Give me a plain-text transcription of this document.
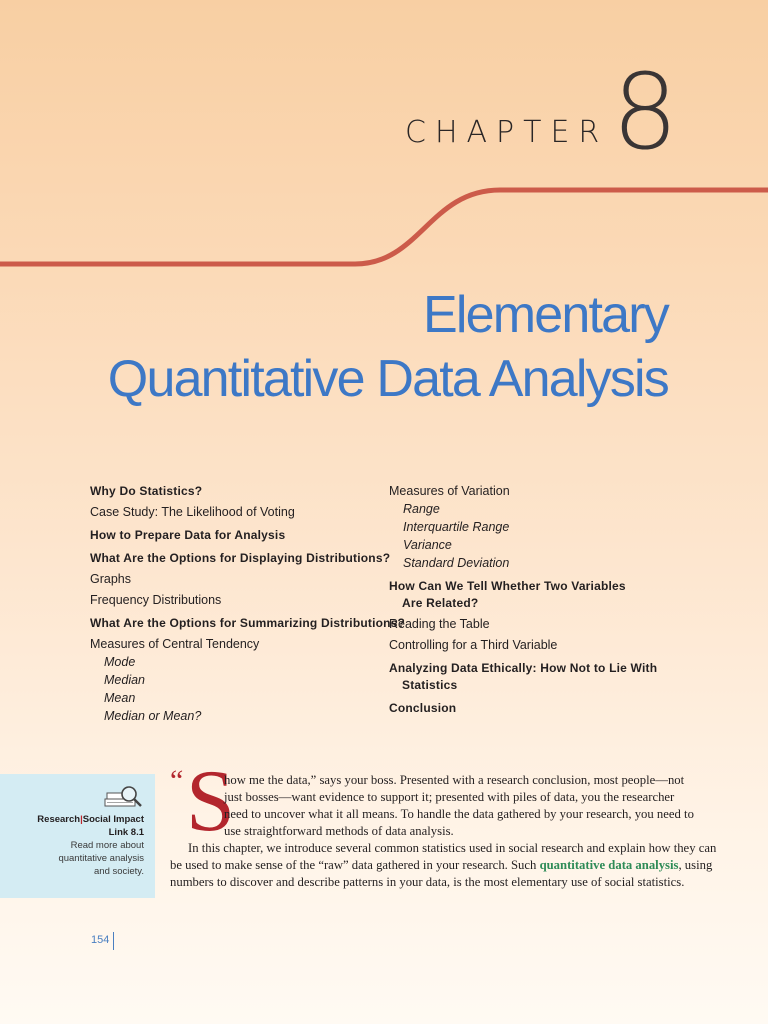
CHAPTER 8
Elementary
Quantitative Data Analysis
Why Do Statistics?
Case Study: The Likelihood of Voting
How to Prepare Data for Analysis
What Are the Options for Displaying Distributions?
Graphs
Frequency Distributions
What Are the Options for Summarizing Distributions?
Measures of Central Tendency
Mode
Median
Mean
Median or Mean?
Measures of Variation
Range
Interquartile Range
Variance
Standard Deviation
How Can We Tell Whether Two Variables
Are Related?
Reading the Table
Controlling for a Third Variable
Analyzing Data Ethically: How Not to Lie With
Statistics
Conclusion
Research|Social Impact
Link 8.1
Read more about
quantitative analysis
and society.
“ S
how me the data,” says your boss. Presented with a research conclusion, most people—not
just bosses—want evidence to support it; presented with piles of data, you the researcher
need to uncover what it all means. To handle the data gathered by your research, you need to
use straightforward methods of data analysis.
In this chapter, we introduce several common statistics used in social research and explain how they can
be used to make sense of the “raw” data gathered in your research. Such quantitative data analysis, using
numbers to discover and describe patterns in your data, is the most elementary use of social statistics.
154
